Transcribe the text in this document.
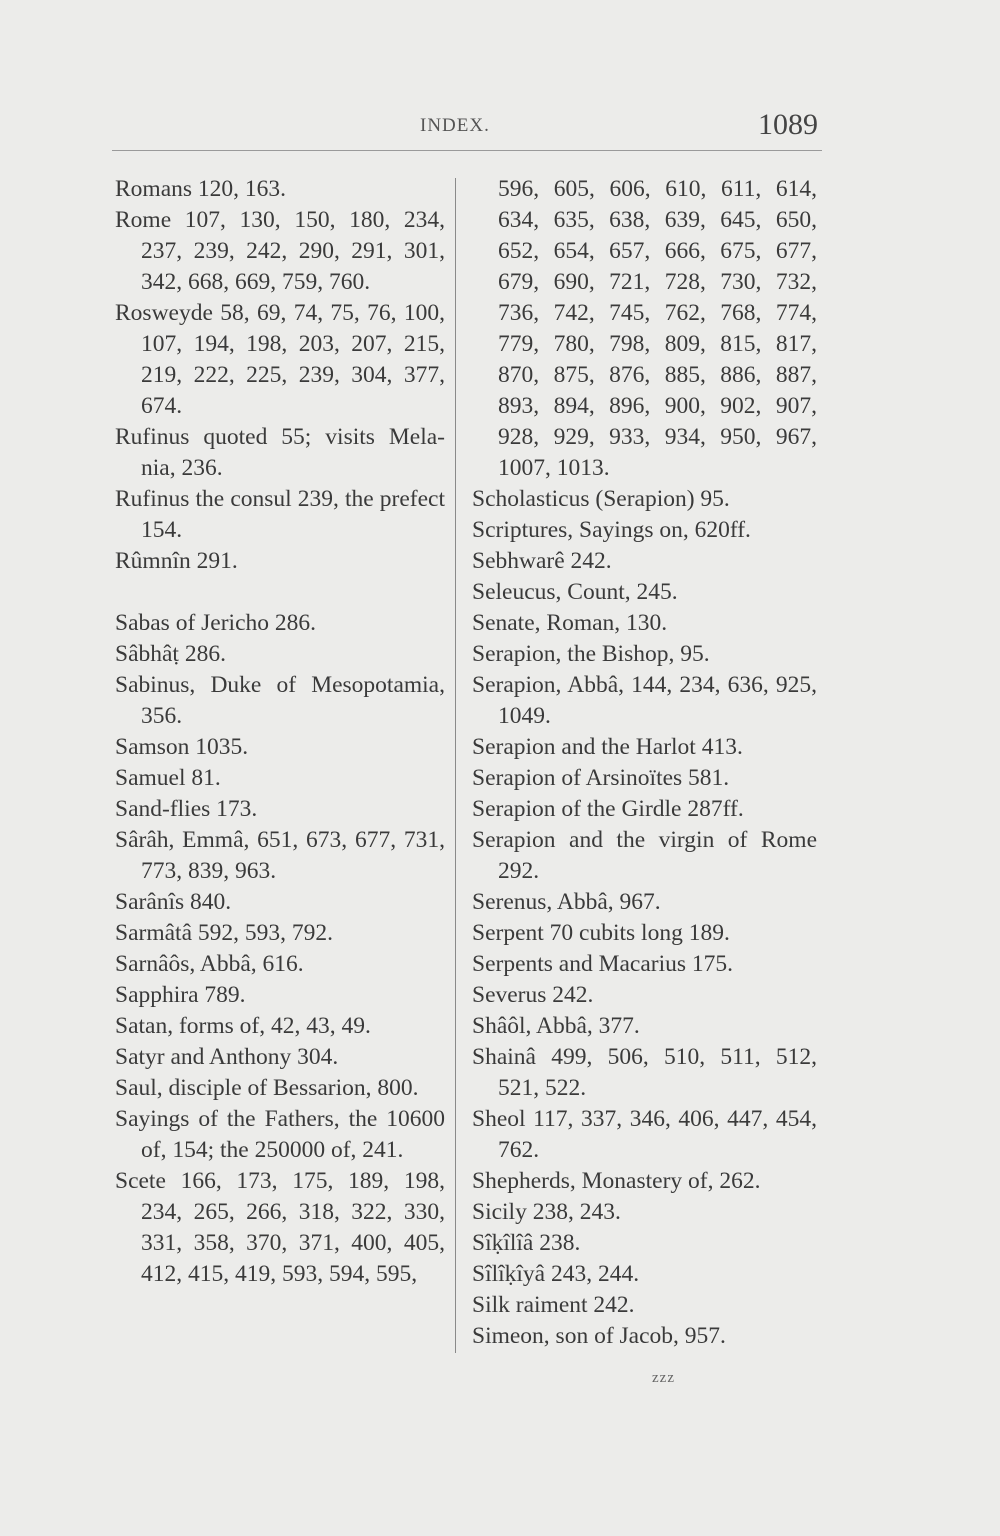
INDEX.	1089
Romans 120, 163.
Rome 107, 130, 150, 180, 234, 237, 239, 242, 290, 291, 301, 342, 668, 669, 759, 760.
Rosweyde 58, 69, 74, 75, 76, 100, 107, 194, 198, 203, 207, 215, 219, 222, 225, 239, 304, 377, 674.
Rufinus quoted 55; visits Mela- nia, 236.
Rufinus the consul 239, the prefect 154.
Rûmnîn 291.
Sabas of Jericho 286.
Sâbhâṭ 286.
Sabinus, Duke of Mesopotamia, 356.
Samson 1035.
Samuel 81.
Sand-flies 173.
Sârâh, Emmâ, 651, 673, 677, 731, 773, 839, 963.
Sarânîs 840.
Sarmâtâ 592, 593, 792.
Sarnâôs, Abbâ, 616.
Sapphira 789.
Satan, forms of, 42, 43, 49.
Satyr and Anthony 304.
Saul, disciple of Bessarion, 800.
Sayings of the Fathers, the 10600 of, 154; the 250000 of, 241.
Scete 166, 173, 175, 189, 198, 234, 265, 266, 318, 322, 330, 331, 358, 370, 371, 400, 405, 412, 415, 419, 593, 594, 595,
596, 605, 606, 610, 611, 614, 634, 635, 638, 639, 645, 650, 652, 654, 657, 666, 675, 677, 679, 690, 721, 728, 730, 732, 736, 742, 745, 762, 768, 774, 779, 780, 798, 809, 815, 817, 870, 875, 876, 885, 886, 887, 893, 894, 896, 900, 902, 907, 928, 929, 933, 934, 950, 967, 1007, 1013.
Scholasticus (Serapion) 95.
Scriptures, Sayings on, 620ff.
Sebhwarê 242.
Seleucus, Count, 245.
Senate, Roman, 130.
Serapion, the Bishop, 95.
Serapion, Abbâ, 144, 234, 636, 925, 1049.
Serapion and the Harlot 413.
Serapion of Arsinoïtes 581.
Serapion of the Girdle 287ff.
Serapion and the virgin of Rome 292.
Serenus, Abbâ, 967.
Serpent 70 cubits long 189.
Serpents and Macarius 175.
Severus 242.
Shâôl, Abbâ, 377.
Shainâ 499, 506, 510, 511, 512, 521, 522.
Sheol 117, 337, 346, 406, 447, 454, 762.
Shepherds, Monastery of, 262.
Sicily 238, 243.
Sîḳîlîâ 238.
Sîlîḳîyâ 243, 244.
Silk raiment 242.
Simeon, son of Jacob, 957.
zzz
